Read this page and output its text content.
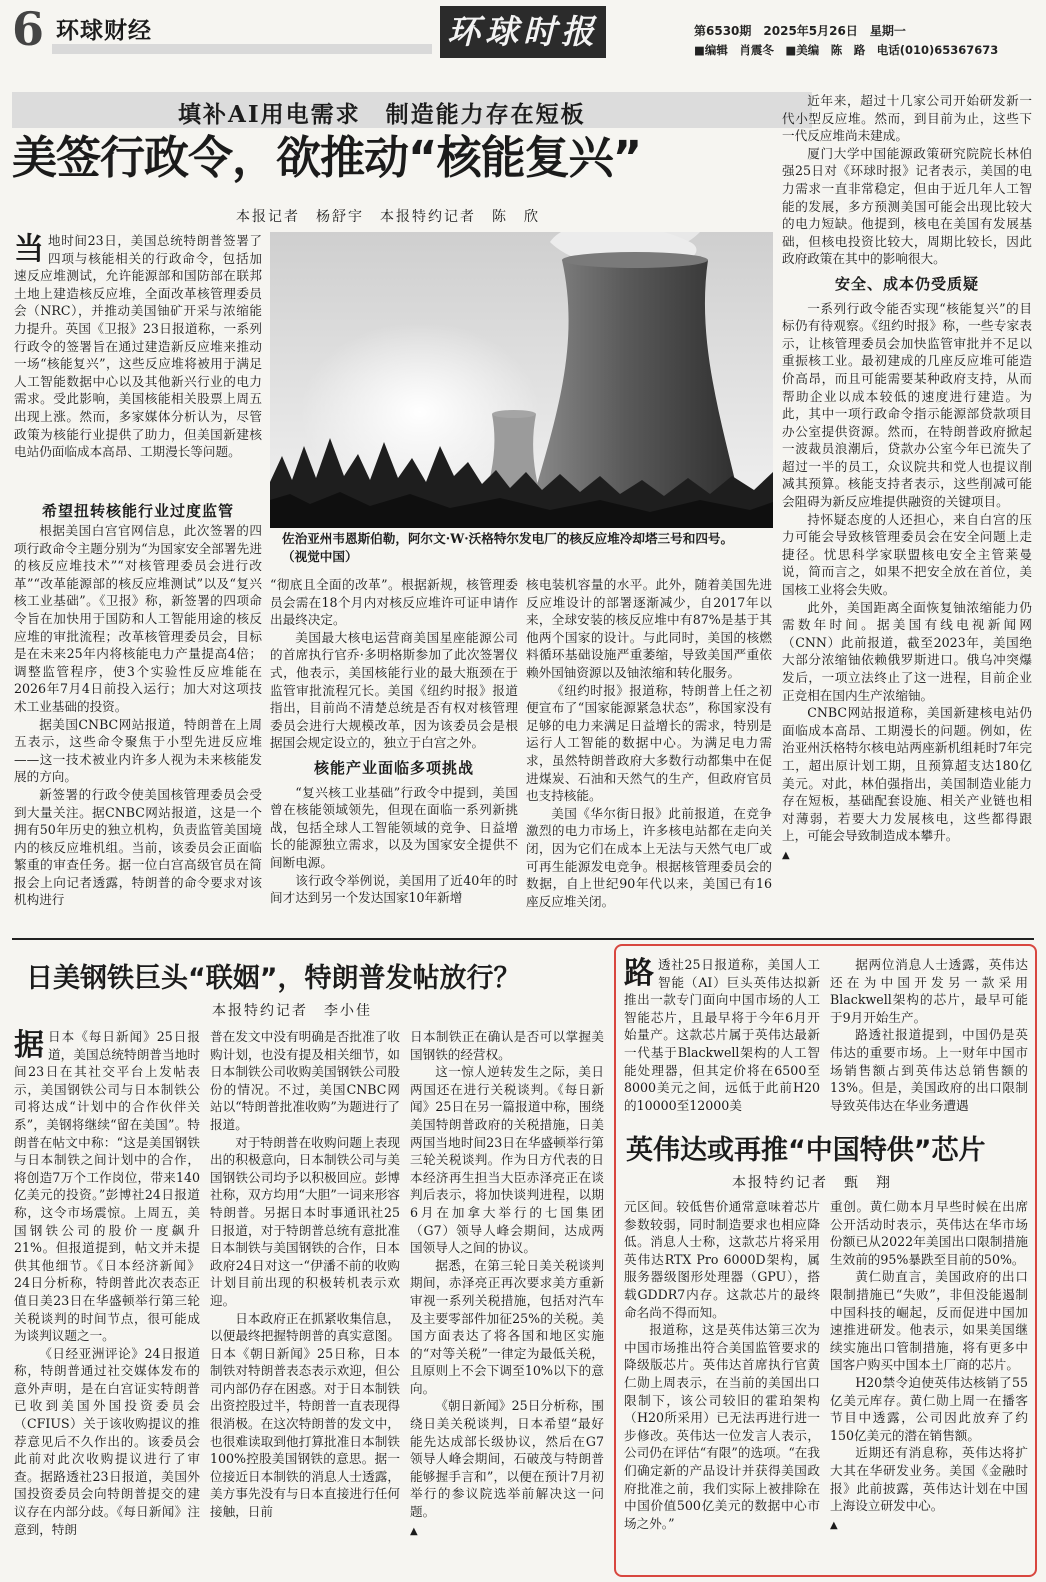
6 环球财经	环球时报	第6530期　2025年5月26日　星期一
■编辑　肖震冬　■美编　陈　路　电话(010)65367673
填补AI用电需求　制造能力存在短板
美签行政令，欲推动“核能复兴”
本报记者　杨舒宇　本报特约记者　陈　欣
当 地时间23日，美国总统特朗普签署了四项与核能相关的行政命令，包括加速反应堆测试，允许能源部和国防部在联邦土地上建造核反应堆，全面改革核管理委员会（NRC），并推动美国铀矿开采与浓缩能力提升。英国《卫报》23日报道称，一系列行政令的签署旨在通过建造新反应堆来推动一场“核能复兴”，这些反应堆将被用于满足人工智能数据中心以及其他新兴行业的电力需求。受此影响，美国核能相关股票上周五出现上涨。然而，多家媒体分析认为，尽管政策为核能行业提供了助力，但美国新建核电站仍面临成本高昂、工期漫长等问题。

希望扭转核能行业过度监管
佐治亚州韦恩斯伯勒，阿尔文·W·沃格特尔发电厂的核反应堆冷却塔三号和四号。　　　　（视觉中国）

根据美国白宫官网信息，此次签署的四项行政命令主题分别为“为国家安全部署先进的核反应堆技术”“对核管理委员会进行改革”“改革能源部的核反应堆测试”以及“复兴核工业基础”。《卫报》称，新签署的四项命令旨在加快用于国防和人工智能用途的核反应堆的审批流程；改革核管理委员会，目标是在未来25年内将核能电力产量提高4倍；调整监管程序，使3个实验性反应堆能在2026年7月4日前投入运行；加大对这项技术工业基础的投资。

据美国CNBC网站报道，特朗普在上周五表示，这些命令聚焦于小型先进反应堆——这一技术被业内许多人视为未来核能发展的方向。

新签署的行政令使美国核管理委员会受到大量关注。据CNBC网站报道，这是一个拥有50年历史的独立机构，负责监管美国境内的核反应堆机组。当前，该委员会正面临繁重的审查任务。据一位白宫高级官员在简报会上向记者透露，特朗普的命令要求对该机构进行

“彻底且全面的改革”。根据新规，核管理委员会需在18个月内对核反应堆许可证申请作出最终决定。

美国最大核电运营商美国星座能源公司的首席执行官乔·多明格斯参加了此次签署仪式，他表示，美国核能行业的最大瓶颈在于监管审批流程冗长。美国《纽约时报》报道指出，目前尚不清楚总统是否有权对核管理委员会进行大规模改革，因为该委员会是根据国会规定设立的，独立于白宫之外。

核能产业面临多项挑战

“复兴核工业基础”行政令中提到，美国曾在核能领域领先，但现在面临一系列新挑战，包括全球人工智能领域的竞争、日益增长的能源独立需求，以及为国家安全提供不间断电源。

该行政令举例说，美国用了近40年的时间才达到另一个发达国家10年新增

核电装机容量的水平。此外，随着美国先进反应堆设计的部署逐渐减少，自2017年以来，全球安装的核反应堆中有87%是基于其他两个国家的设计。与此同时，美国的核燃料循环基础设施严重萎缩，导致美国严重依赖外国铀资源以及铀浓缩和转化服务。

《纽约时报》报道称，特朗普上任之初便宣布了“国家能源紧急状态”，称国家没有足够的电力来满足日益增长的需求，特别是运行人工智能的数据中心。为满足电力需求，虽然特朗普政府大多数行动都集中在促进煤炭、石油和天然气的生产，但政府官员也支持核能。

美国《华尔街日报》此前报道，在竞争激烈的电力市场上，许多核电站都在走向关闭，因为它们在成本上无法与天然气电厂或可再生能源发电竞争。根据核管理委员会的数据，自上世纪90年代以来，美国已有16座反应堆关闭。

近年来，超过十几家公司开始研发新一代小型反应堆。然而，到目前为止，这些下一代反应堆尚未建成。

厦门大学中国能源政策研究院院长林伯强25日对《环球时报》记者表示，美国的电力需求一直非常稳定，但由于近几年人工智能的发展，多方预测美国可能会出现比较大的电力短缺。他提到，核电在美国有发展基础，但核电投资比较大，周期比较长，因此政府政策在其中的影响很大。

安全、成本仍受质疑

一系列行政令能否实现“核能复兴”的目标仍有待观察。《纽约时报》称，一些专家表示，让核管理委员会加快监管审批并不足以重振核工业。最初建成的几座反应堆可能造价高昂，而且可能需要某种政府支持，从而帮助企业以成本较低的速度进行建造。为此，其中一项行政命令指示能源部贷款项目办公室提供资源。然而，在特朗普政府掀起一波裁员浪潮后，贷款办公室今年已流失了超过一半的员工，众议院共和党人也提议削减其预算。核能支持者表示，这些削减可能会阻碍为新反应堆提供融资的关键项目。

持怀疑态度的人还担心，来自白宫的压力可能会导致核管理委员会在安全问题上走捷径。忧思科学家联盟核电安全主管莱曼说，简而言之，如果不把安全放在首位，美国核工业将会失败。

此外，美国距离全面恢复铀浓缩能力仍需数年时间。据美国有线电视新闻网（CNN）此前报道，截至2023年，美国绝大部分浓缩铀依赖俄罗斯进口。俄乌冲突爆发后，一项立法终止了这一进程，目前企业正竞相在国内生产浓缩铀。

CNBC网站报道称，美国新建核电站仍面临成本高昂、工期漫长的问题。例如，佐治亚州沃格特尔核电站两座新机组耗时7年完工，超出原计划工期，且预算超支达180亿美元。对此，林伯强指出，美国制造业能力存在短板，基础配套设施、相关产业链也相对薄弱，若要大力发展核电，这些都得跟上，可能会导致制造成本攀升。

▲
日美钢铁巨头“联姻”，特朗普发帖放行？
本报特约记者　李小佳
据 日本《每日新闻》25日报道，美国总统特朗普当地时间23日在其社交平台上发帖表示，美国钢铁公司与日本制铁公司将达成“计划中的合作伙伴关系”，美钢将继续“留在美国”。特朗普在帖文中称：“这是美国钢铁与日本制铁之间计划中的合作，将创造7万个工作岗位，带来140亿美元的投资。”彭博社24日报道称，这令市场震惊。上周五，美国钢铁公司的股价一度飙升21%。但报道提到，帖文并未提供其他细节。《日本经济新闻》24日分析称，特朗普此次表态正值日美23日在华盛顿举行第三轮关税谈判的时间节点，很可能成为谈判议题之一。

《日经亚洲评论》24日报道称，特朗普通过社交媒体发布的意外声明，是在白宫证实特朗普已收到美国外国投资委员会（CFIUS）关于该收购提议的推荐意见后不久作出的。该委员会此前对此次收购提议进行了审查。据路透社23日报道，美国外国投资委员会向特朗普提交的建议存在内部分歧。《每日新闻》注意到，特朗

普在发文中没有明确是否批准了收购计划，也没有提及相关细节，如日本制铁公司收购美国钢铁公司股份的情况。不过，美国CNBC网站以“特朗普批准收购”为题进行了报道。

对于特朗普在收购问题上表现出的积极意向，日本制铁公司与美国钢铁公司均予以积极回应。彭博社称，双方均用“大胆”一词来形容特朗普。另据日本时事通讯社25日报道，对于特朗普总统有意批准日本制铁与美国钢铁的合作，日本政府24日对这一“伊潘不前的收购计划目前出现的积极转机表示欢迎。

日本政府正在抓紧收集信息，以便最终把握特朗普的真实意图。日本《朝日新闻》25日称，日本制铁对特朗普表态表示欢迎，但公司内部仍存在困惑。对于日本制铁出资控股过半，特朗普一直表现得很消极。在这次特朗普的发文中，也很难读取到他打算批准日本制铁100%控股美国钢铁的意思。据一位接近日本制铁的消息人士透露，美方事先没有与日本直接进行任何接触，日前

日本制铁正在确认是否可以掌握美国钢铁的经营权。

这一惊人逆转发生之际，美日两国还在进行关税谈判。《每日新闻》25日在另一篇报道中称，围绕美国特朗普政府的关税措施，日美两国当地时间23日在华盛顿举行第三轮关税谈判。作为日方代表的日本经济再生担当大臣赤泽亮正在谈判后表示，将加快谈判进程，以期6月在加拿大举行的七国集团（G7）领导人峰会期间，达成两国领导人之间的协议。

据悉，在第三轮日美关税谈判期间，赤泽亮正再次要求美方重新审视一系列关税措施，包括对汽车及主要零部件加征25%的关税。美国方面表达了将各国和地区实施的“对等关税”一律定为最低关税，且原则上不会下调至10%以下的意向。

《朝日新闻》25日分析称，围绕日美关税谈判，日本希望“最好能先达成部长级协议，然后在G7领导人峰会期间，石破茂与特朗普能够握手言和”，以便在预计7月初举行的参议院选举前解决这一问题。

▲
路 透社25日报道称，美国人工智能（AI）巨头英伟达拟新推出一款专门面向中国市场的人工智能芯片，且最早将于今年6月开始量产。这款芯片属于英伟达最新一代基于Blackwell架构的人工智能处理器，但其定价将在6500至8000美元之间，远低于此前H20的10000至12000美

据两位消息人士透露，英伟达还在为中国开发另一款采用Blackwell架构的芯片，最早可能于9月开始生产。

路透社报道提到，中国仍是英伟达的重要市场。上一财年中国市场销售额占到英伟达总销售额的13%。但是，美国政府的出口限制导致英伟达在华业务遭遇

英伟达或再推“中国特供”芯片
本报特约记者　甄　翔

元区间。较低售价通常意味着芯片参数较弱，同时制造要求也相应降低。消息人士称，这款芯片将采用英伟达RTX Pro 6000D架构，属服务器级图形处理器（GPU），搭载GDDR7内存。这款芯片的最终命名尚不得而知。

报道称，这是英伟达第三次为中国市场推出符合美国监管要求的降级版芯片。英伟达首席执行官黄仁勋上周表示，在当前的美国出口限制下，该公司较旧的霍珀架构（H20所采用）已无法再进行进一步修改。英伟达一位发言人表示，公司仍在评估“有限”的选项。“在我们确定新的产品设计并获得美国政府批准之前，我们实际上被排除在中国价值500亿美元的数据中心市场之外。”

重创。黄仁勋本月早些时候在出席公开活动时表示，英伟达在华市场份额已从2022年美国出口限制措施生效前的95%暴跌至目前的50%。

黄仁勋直言，美国政府的出口限制措施已“失败”，非但没能遏制中国科技的崛起，反而促进中国加速推进研发。他表示，如果美国继续实施出口管制措施，将有更多中国客户购买中国本土厂商的芯片。

H20禁令迫使英伟达核销了55亿美元库存。黄仁勋上周一在播客节目中透露，公司因此放弃了约150亿美元的潜在销售额。

近期还有消息称，英伟达将扩大其在华研发业务。美国《金融时报》此前披露，英伟达计划在中国上海设立研发中心。

▲
